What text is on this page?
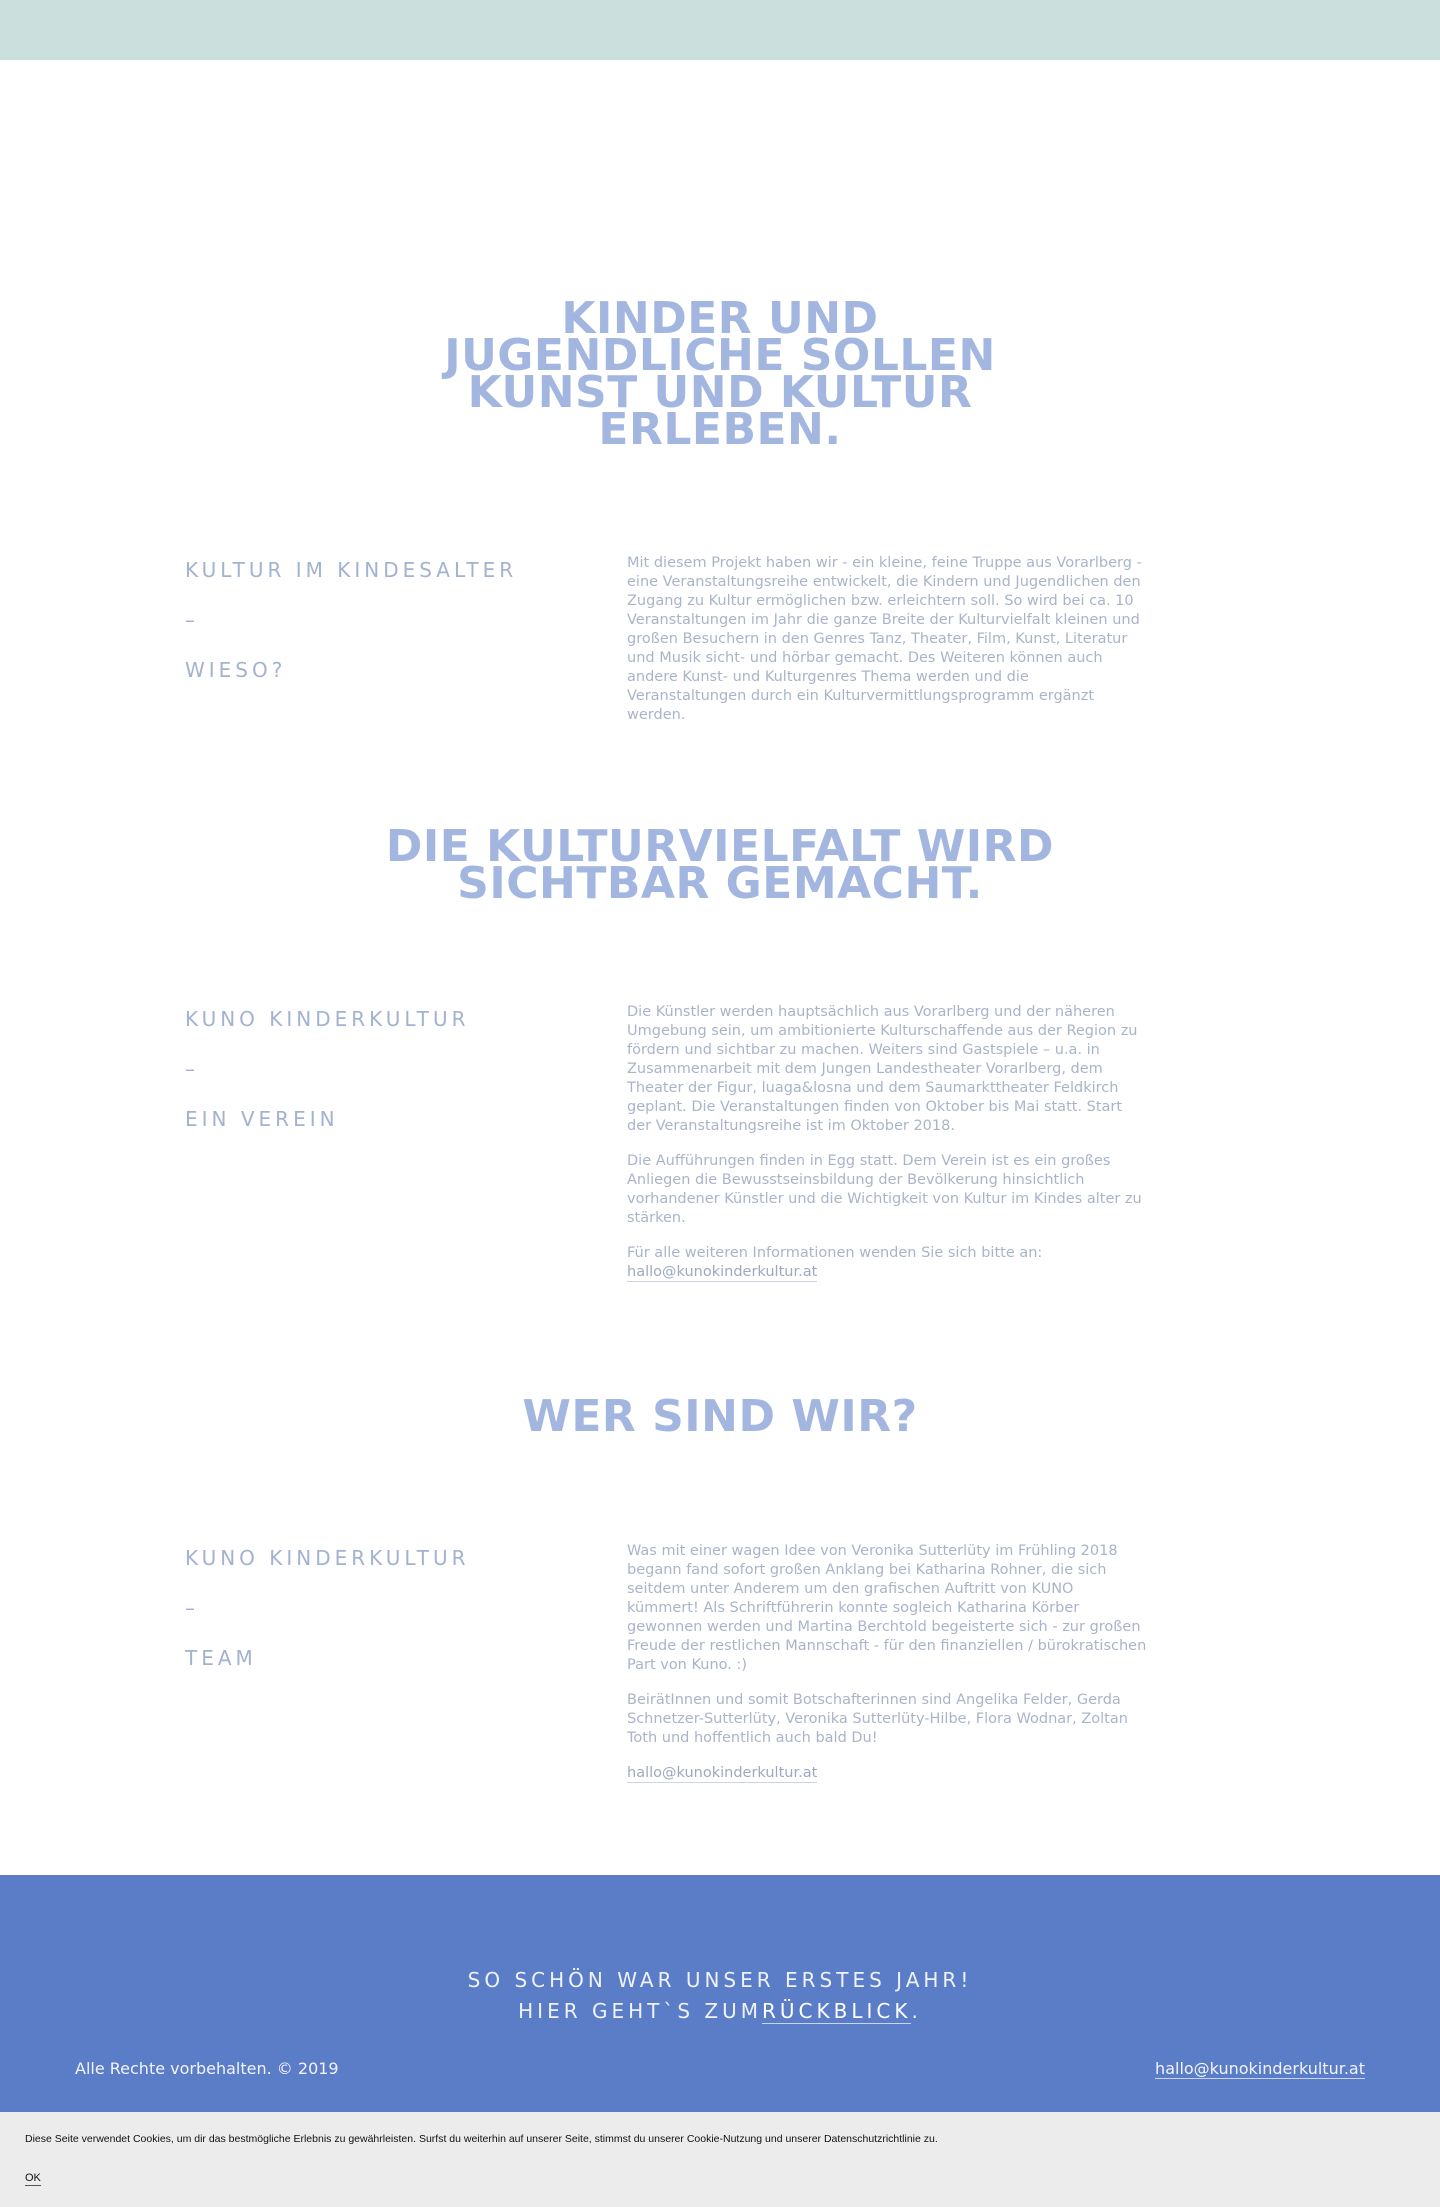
KINDER UND
JUGENDLICHE SOLLEN
KUNST UND KULTUR
ERLEBEN.
KULTUR IM KINDESALTER
–
WIESO?

Mit diesem Projekt haben wir - ein kleine, feine Truppe aus Vorarlberg - eine Veranstaltungsreihe entwickelt, die Kindern und Jugendlichen den Zugang zu Kultur ermöglichen bzw. erleichtern soll. So wird bei ca. 10 Veranstaltungen im Jahr die ganze Breite der Kulturvielfalt kleinen und großen Besuchern in den Genres Tanz, Theater, Film, Kunst, Literatur und Musik sicht- und hörbar gemacht. Des Weiteren können auch andere Kunst- und Kulturgenres Thema werden und die Veranstaltungen durch ein Kulturvermittlungsprogramm ergänzt werden.

DIE KULTURVIELFALT WIRD
SICHTBAR GEMACHT.
KUNO KINDERKULTUR
–
EIN VEREIN

Die Künstler werden hauptsächlich aus Vorarlberg und der näheren Umgebung sein, um ambitionierte Kulturschaffende aus der Region zu fördern und sichtbar zu machen. Weiters sind Gastspiele – u.a. in Zusammenarbeit mit dem Jungen Landestheater Vorarlberg, dem Theater der Figur, luaga&losna und dem Saumarkttheater Feldkirch geplant. Die Veranstaltungen finden von Oktober bis Mai statt. Start der Veranstaltungsreihe ist im Oktober 2018.

Die Aufführungen finden in Egg statt. Dem Verein ist es ein großes Anliegen die Bewusstseinsbildung der Bevölkerung hinsichtlich vorhandener Künstler und die Wichtigkeit von Kultur im Kindes alter zu stärken.

Für alle weiteren Informationen wenden Sie sich bitte an:
hallo@kunokinderkultur.at

WER SIND WIR?
KUNO KINDERKULTUR
–
TEAM

Was mit einer wagen Idee von Veronika Sutterlüty im Frühling 2018 begann fand sofort großen Anklang bei Katharina Rohner, die sich seitdem unter Anderem um den grafischen Auftritt von KUNO kümmert! Als Schriftführerin konnte sogleich Katharina Körber gewonnen werden und Martina Berchtold begeisterte sich - zur großen Freude der restlichen Mannschaft - für den finanziellen / bürokratischen Part von Kuno. :)

BeirätInnen und somit Botschafterinnen sind Angelika Felder, Gerda Schnetzer-Sutterlüty, Veronika Sutterlüty-Hilbe, Flora Wodnar, Zoltan Toth und hoffentlich auch bald Du!

hallo@kunokinderkultur.at

SO SCHÖN WAR UNSER ERSTES JAHR!
HIER GEHT`S ZUMRÜCKBLICK.
Alle Rechte vorbehalten. © 2019	hallo@kunokinderkultur.at
Diese Seite verwendet Cookies, um dir das bestmögliche Erlebnis zu gewährleisten. Surfst du weiterhin auf unserer Seite, stimmst du unserer Cookie-Nutzung und unserer Datenschutzrichtlinie zu.
OK
